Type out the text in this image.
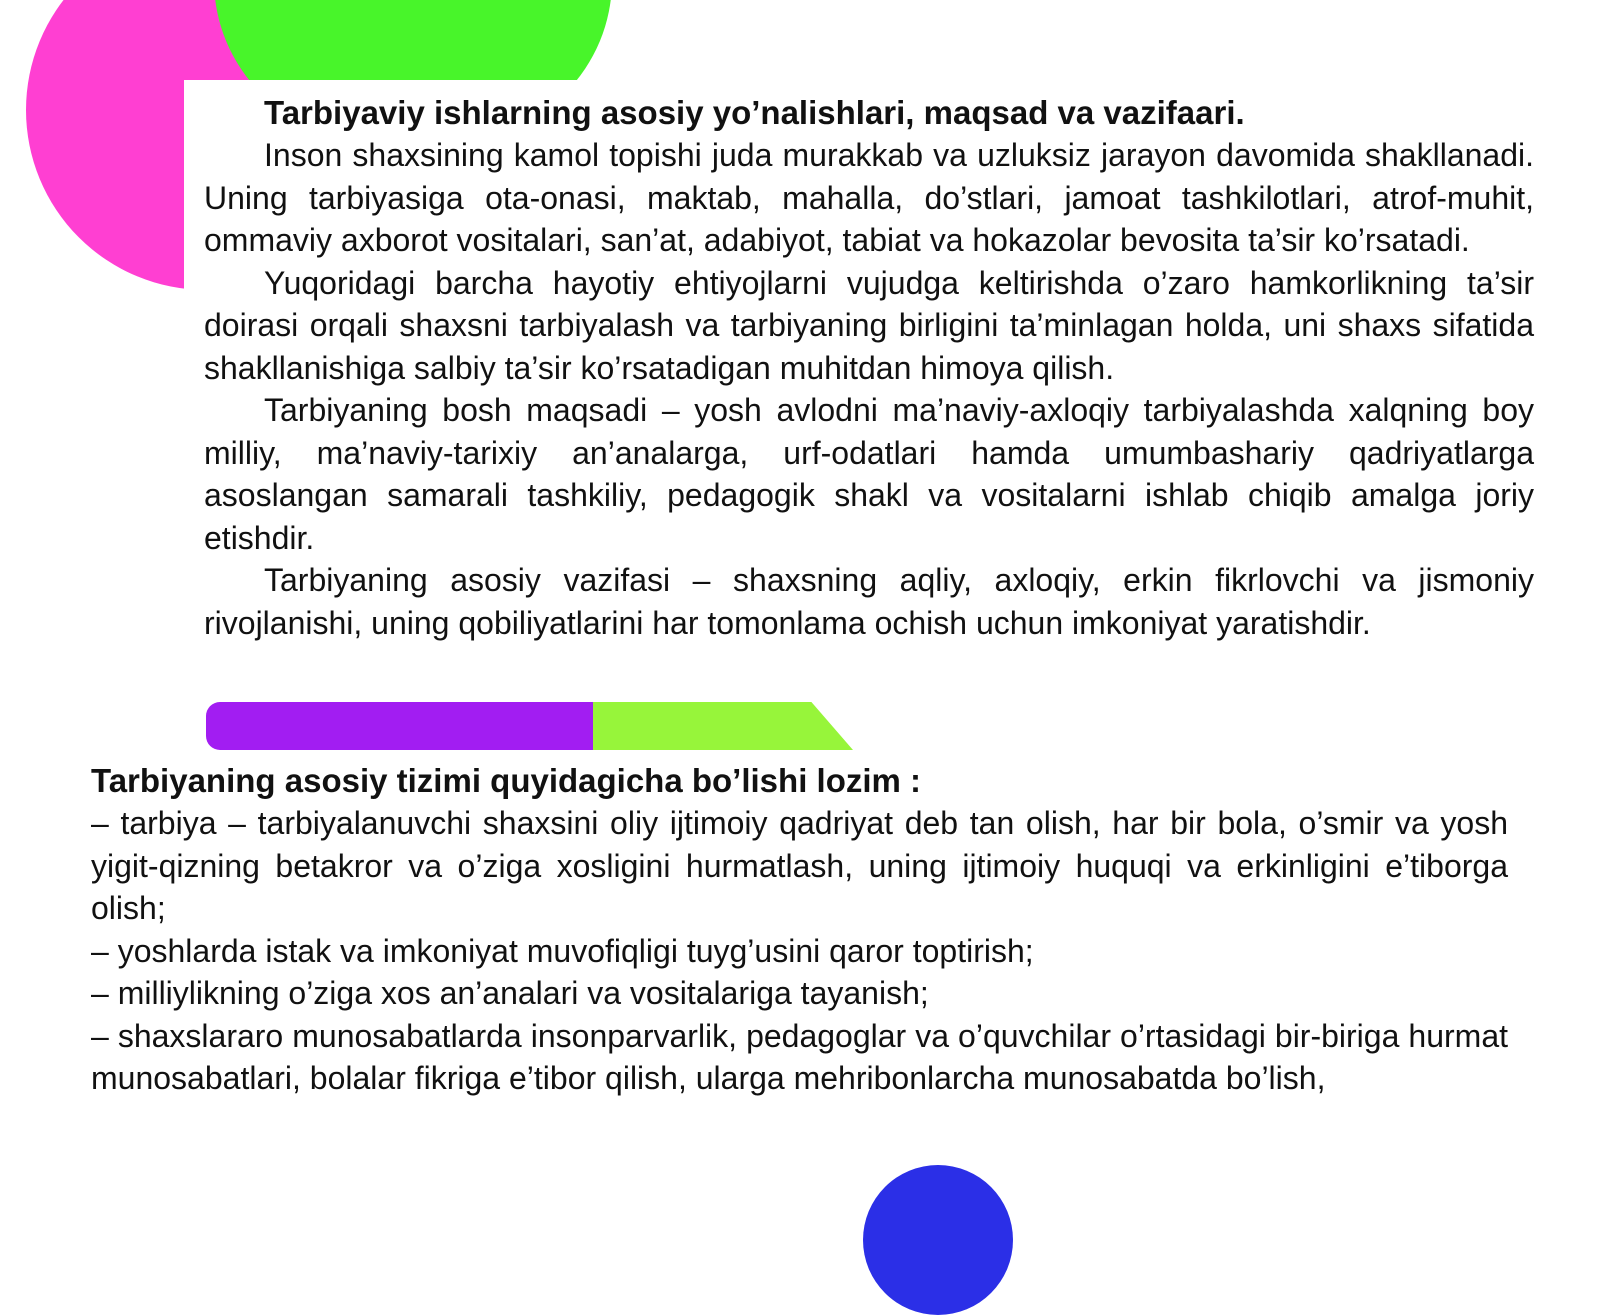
Tarbiyaviy ishlarning asosiy yo’nalishlari, maqsad va vazifaari.

Inson shaxsining kamol topishi juda murakkab va uzluksiz jarayon davomida shakllanadi. Uning tarbiyasiga ota-onasi, maktab, mahalla, do’stlari, jamoat tashkilotlari, atrof-muhit, ommaviy axborot vositalari, san’at, adabiyot, tabiat va hokazolar bevosita ta’sir ko’rsatadi.

Yuqoridagi barcha hayotiy ehtiyojlarni vujudga keltirishda o’zaro hamkorlikning ta’sir doirasi orqali shaxsni tarbiyalash va tarbiyaning birligini ta’minlagan holda, uni shaxs sifatida shakllanishiga salbiy ta’sir ko’rsatadigan muhitdan himoya qilish.

Tarbiyaning bosh maqsadi – yosh avlodni ma’naviy-axloqiy tarbiyalashda xalqning boy milliy, ma’naviy-tarixiy an’analarga, urf-odatlari hamda umumbashariy qadriyatlarga asoslangan samarali tashkiliy, pedagogik shakl va vositalarni ishlab chiqib amalga joriy etishdir.

Tarbiyaning asosiy vazifasi – shaxsning aqliy, axloqiy, erkin fikrlovchi va jismoniy rivojlanishi, uning qobiliyatlarini har tomonlama ochish uchun imkoniyat yaratishdir.

Tarbiyaning asosiy tizimi quyidagicha bo’lishi lozim :

– tarbiya – tarbiyalanuvchi shaxsini oliy ijtimoiy qadriyat deb tan olish, har bir bola, o’smir va yosh yigit-qizning betakror va o’ziga xosligini hurmatlash, uning ijtimoiy huquqi va erkinligini e’tiborga olish;

– yoshlarda istak va imkoniyat muvofiqligi tuyg’usini qaror toptirish;

– milliylikning o’ziga xos an’analari va vositalariga tayanish;

– shaxslararo munosabatlarda insonparvarlik, pedagoglar va o’quvchilar o’rtasidagi bir-biriga hurmat munosabatlari, bolalar fikriga e’tibor qilish, ularga mehribonlarcha munosabatda bo’lish,
